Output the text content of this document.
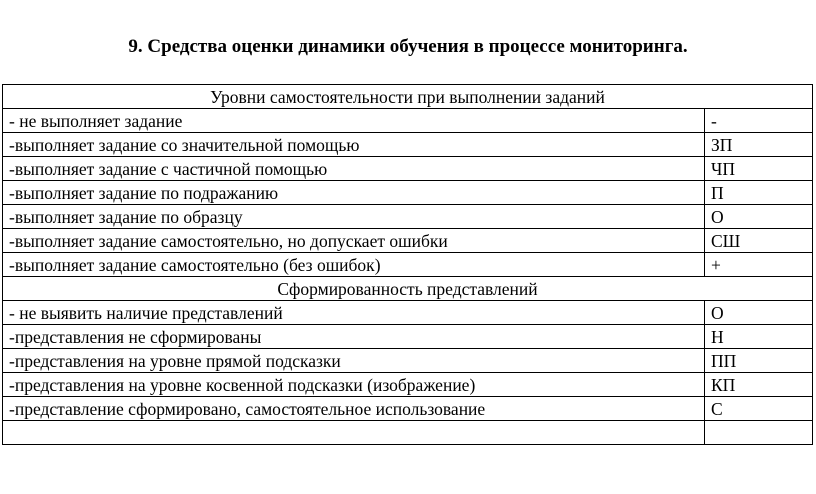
9. Средства оценки динамики обучения в процессе мониторинга.
Уровни самостоятельности при выполнении заданий	
- не выполняет задание	-
-выполняет задание со значительной помощью	ЗП
-выполняет задание с частичной помощью	ЧП
-выполняет задание по подражанию	П
-выполняет задание по образцу	О
-выполняет задание самостоятельно, но допускает ошибки	СШ
-выполняет задание самостоятельно (без ошибок)	+
Сформированность представлений	
- не выявить наличие представлений	О
-представления не сформированы	Н
-представления на уровне прямой подсказки	ПП
-представления на уровне косвенной подсказки (изображение)	КП
-представление сформировано, самостоятельное использование	С
